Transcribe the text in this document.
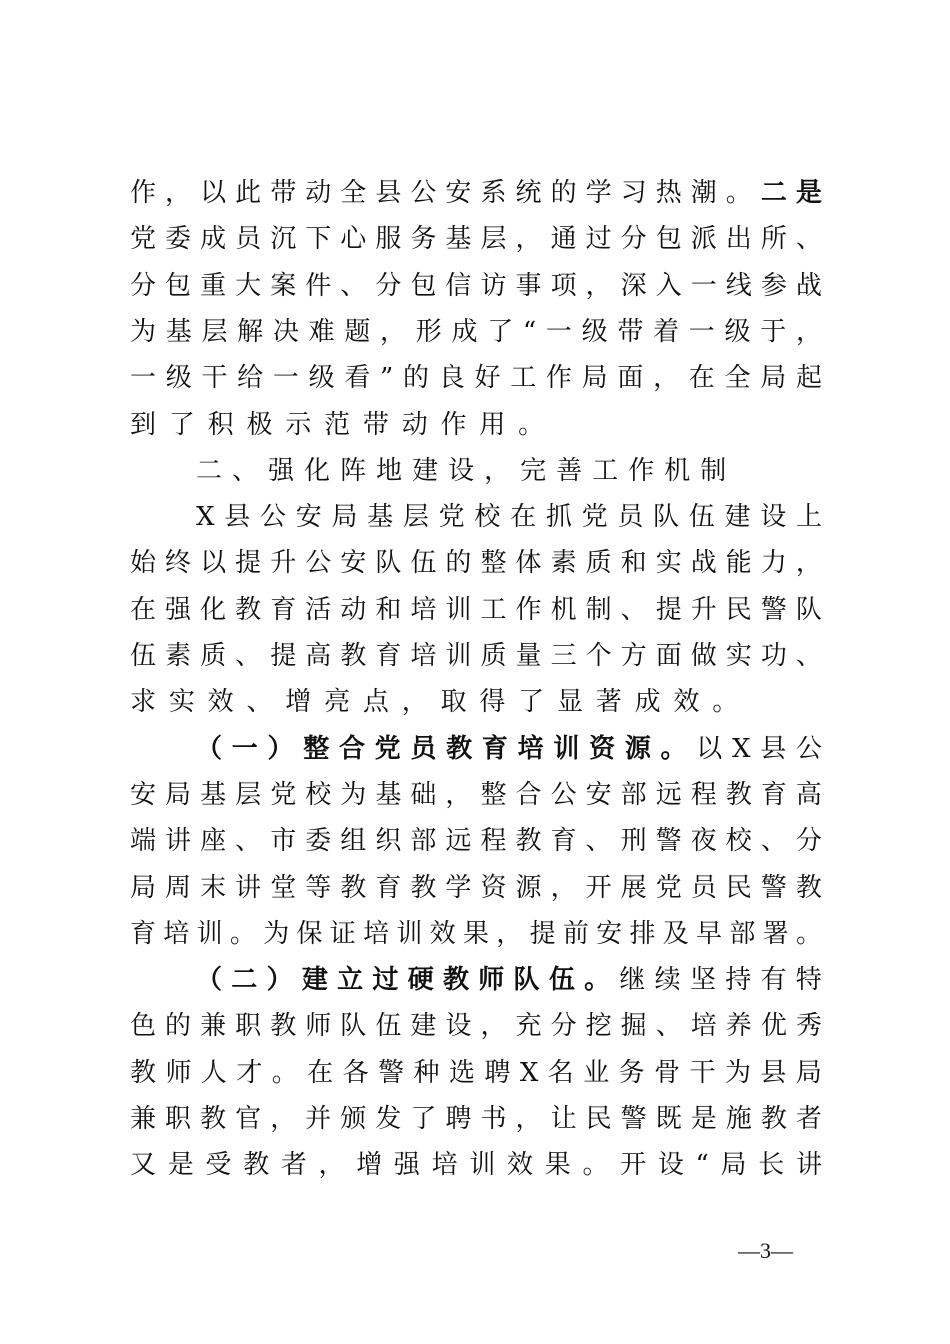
作 ， 以 此 带 动 全 县 公 安 系 统 的 学 习 热 潮 。 二 是
党 委 成 员 沉 下 心 服 务 基 层 ， 通 过 分 包 派 出 所 、
分 包 重 大 案 件 、 分 包 信 访 事 项 ， 深 入 一 线 参 战
为 基 层 解 决 难 题 ， 形 成 了 “ 一 级 带 着 一 级 于 ，
一 级 干 给 一 级 看 ” 的 良 好 工 作 局 面 ， 在 全 局 起
到 了 积 极 示 范 带 动 作 用 。
二 、 强 化 阵 地 建 设 ， 完 善 工 作 机 制
X 县 公 安 局 基 层 党 校 在 抓 党 员 队 伍 建 设 上
始 终 以 提 升 公 安 队 伍 的 整 体 素 质 和 实 战 能 力 ，
在 强 化 教 育 活 动 和 培 训 工 作 机 制 、 提 升 民 警 队
伍 素 质 、 提 高 教 育 培 训 质 量 三 个 方 面 做 实 功 、
求 实 效 、 增 亮 点 ， 取 得 了 显 著 成 效 。
（ 一 ） 整 合 党 员 教 育 培 训 资 源 。 以 X 县 公
安 局 基 层 党 校 为 基 础 ， 整 合 公 安 部 远 程 教 育 高
端 讲 座 、 市 委 组 织 部 远 程 教 育 、 刑 警 夜 校 、 分
局 周 末 讲 堂 等 教 育 教 学 资 源 ， 开 展 党 员 民 警 教
育 培 训 。 为 保 证 培 训 效 果 ， 提 前 安 排 及 早 部 署 。
（ 二 ） 建 立 过 硬 教 师 队 伍 。 继 续 坚 持 有 特
色 的 兼 职 教 师 队 伍 建 设 ， 充 分 挖 掘 、 培 养 优 秀
教 师 人 才 。 在 各 警 种 选 聘 X 名 业 务 骨 干 为 县 局
兼 职 教 官 ， 并 颁 发 了 聘 书 ， 让 民 警 既 是 施 教 者
又 是 受 教 者 ， 增 强 培 训 效 果 。 开 设 “ 局 长 讲
—3—
